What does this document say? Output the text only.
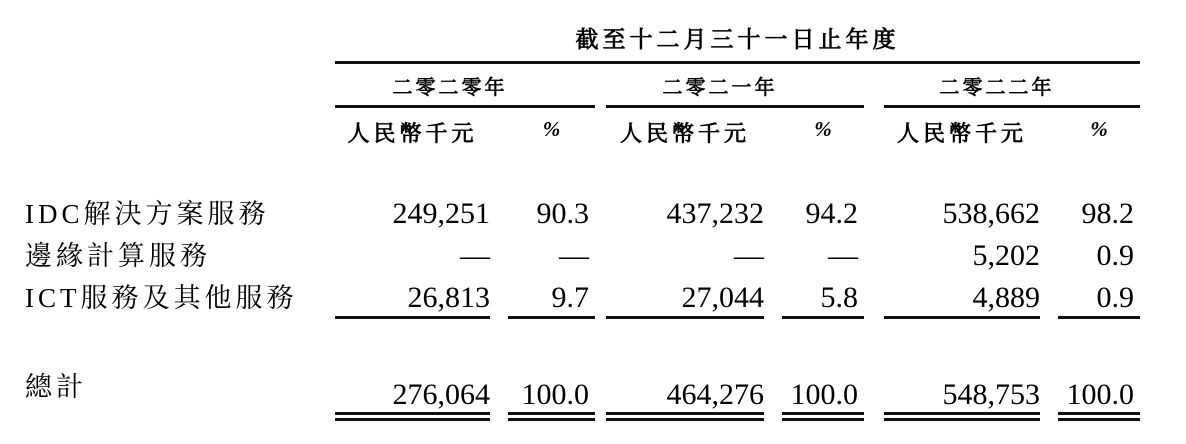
	截至十二月三十一日止年度										
	二零二零年				二零二一年				二零二二年		
	人民幣千元		%		人民幣千元		%		人民幣千元		%
IDC解決方案服務	249,251		90.3		437,232		94.2		538,662		98.2
邊緣計算服務	—		—		—		—		5,202		0.9
ICT服務及其他服務	26,813		9.7		27,044		5.8		4,889		0.9

總計	276,064		100.0		464,276		100.0		548,753		100.0
